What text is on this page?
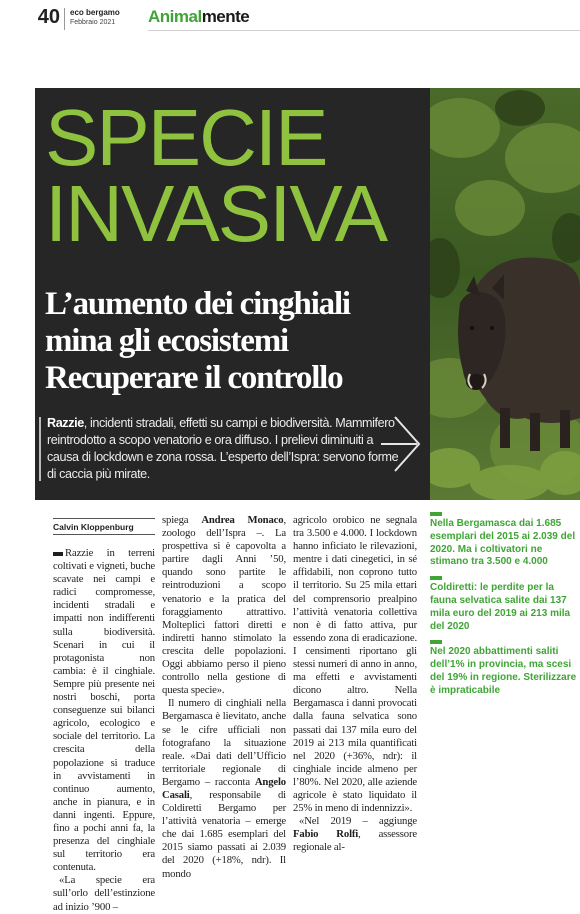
40 eco bergamo
Febbraio 2021 Animalmente
SPECIE
INVASIVA
L’aumento dei cinghiali
mina gli ecosistemi
Recuperare il controllo
Razzie, incidenti stradali, effetti su campi e biodiversità. Mammifero reintrodotto a scopo venatorio e ora diffuso. I prelievi diminuiti a causa di lockdown e zona rossa. L’esperto dell’Ispra: servono forme di caccia più mirate.
Calvin Kloppenburg

Razzie in terreni coltivati e vigneti, buche scavate nei campi e radici compromesse, incidenti stradali e impatti non indifferenti sulla biodiversità. Scenari in cui il protagonista non cambia: è il cinghiale. Sempre più presente nei nostri boschi, porta conseguenze sui bilanci agricolo, ecologico e sociale del territorio. La crescita della popolazione si traduce in avvistamenti in continuo aumento, anche in pianura, e in danni ingenti. Eppure, fino a pochi anni fa, la presenza del cinghiale sul territorio era contenuta.

«La specie era sull’orlo dell’estinzione ad inizio ’900 –

spiega Andrea Monaco, zoologo dell’Ispra –. La prospettiva si è capovolta a partire dagli Anni ’50, quando sono partite le reintroduzioni a scopo venatorio e la pratica del foraggiamento attrattivo. Molteplici fattori diretti e indiretti hanno stimolato la crescita delle popolazioni. Oggi abbiamo perso il pieno controllo nella gestione di questa specie».

Il numero di cinghiali nella Bergamasca è lievitato, anche se le cifre ufficiali non fotografano la situazione reale. «Dai dati dell’Ufficio territoriale regionale di Bergamo – racconta Angelo Casali, responsabile di Coldiretti Bergamo per l’attività venatoria – emerge che dai 1.685 esemplari del 2015 siamo passati ai 2.039 del 2020 (+18%, ndr). Il mondo

agricolo orobico ne segnala tra 3.500 e 4.000. I lockdown hanno inficiato le rilevazioni, mentre i dati cinegetici, in sé affidabili, non coprono tutto il territorio. Su 25 mila ettari del comprensorio prealpino l’attività venatoria collettiva non è di fatto attiva, pur essendo zona di eradicazione. I censimenti riportano gli stessi numeri di anno in anno, ma effetti e avvistamenti dicono altro. Nella Bergamasca i danni provocati dalla fauna selvatica sono passati dai 137 mila euro del 2019 ai 213 mila quantificati nel 2020 (+36%, ndr): il cinghiale incide almeno per l’80%. Nel 2020, alle aziende agricole è stato liquidato il 25% in meno di indennizzi».

«Nel 2019 – aggiunge Fabio Rolfi, assessore regionale al-

Nella Bergamasca dai 1.685 esemplari del 2015 ai 2.039 del 2020. Ma i coltivatori ne stimano tra 3.500 e 4.000
Coldiretti: le perdite per la fauna selvatica salite dai 137 mila euro del 2019 ai 213 mila del 2020
Nel 2020 abbattimenti saliti dell’1% in provincia, ma scesi del 19% in regione. Sterilizzare è impraticabile
